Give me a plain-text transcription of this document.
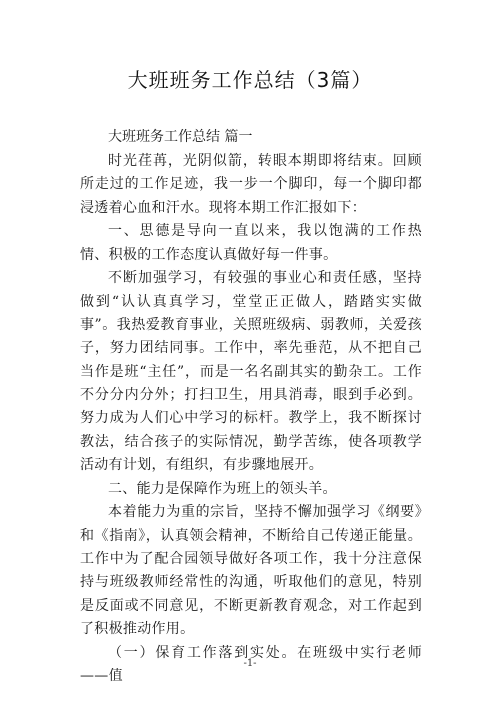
大班班务工作总结（3篇）

大班班务工作总结 篇一

时光荏苒，光阴似箭，转眼本期即将结束。回顾所走过的工作足迹，我一步一个脚印，每一个脚印都浸透着心血和汗水。现将本期工作汇报如下：

一、思德是导向一直以来，我以饱满的工作热情、积极的工作态度认真做好每一件事。

不断加强学习，有较强的事业心和责任感，坚持做到“认认真真学习，堂堂正正做人，踏踏实实做事”。我热爱教育事业，关照班级病、弱教师，关爱孩子，努力团结同事。工作中，率先垂范，从不把自己当作是班“主任”，而是一名名副其实的勤杂工。工作不分分内分外；打扫卫生，用具消毒，眼到手必到。努力成为人们心中学习的标杆。教学上，我不断探讨教法，结合孩子的实际情况，勤学苦练，使各项教学活动有计划，有组织，有步骤地展开。

二、能力是保障作为班上的领头羊。

本着能力为重的宗旨，坚持不懈加强学习《纲要》和《指南》，认真领会精神，不断给自己传递正能量。工作中为了配合园领导做好各项工作，我十分注意保持与班级教师经常性的沟通，听取他们的意见，特别是反面或不同意见，不断更新教育观念，对工作起到了积极推动作用。

（一）保育工作落到实处。在班级中实行老师——值

-1-
